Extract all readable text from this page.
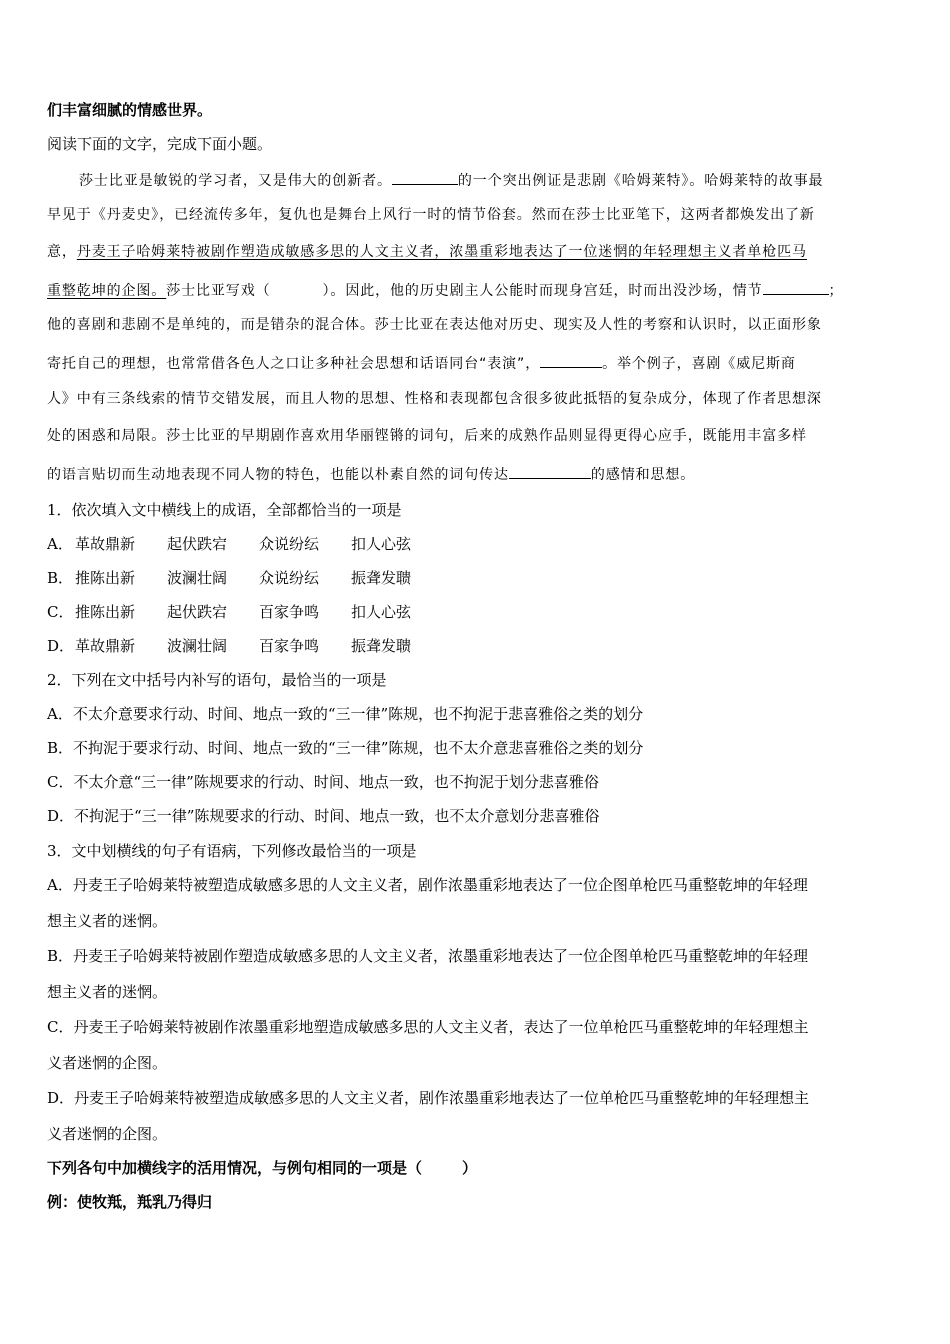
们丰富细腻的情感世界。
阅读下面的文字，完成下面小题。
莎士比亚是敏锐的学习者，又是伟大的创新者。	的一个突出例证是悲剧《哈姆莱特》。哈姆莱特的故事最
早见于《丹麦史》，已经流传多年，复仇也是舞台上风行一时的情节俗套。然而在莎士比亚笔下，这两者都焕发出了新
意，丹麦王子哈姆莱特被剧作塑造成敏感多思的人文主义者，浓墨重彩地表达了一位迷惘的年轻理想主义者单枪匹马
重整乾坤的企图。莎士比亚写戏（	）。因此，他的历史剧主人公能时而现身宫廷，时而出没沙场，情节	；
他的喜剧和悲剧不是单纯的，而是错杂的混合体。莎士比亚在表达他对历史、现实及人性的考察和认识时，以正面形象
寄托自己的理想，也常常借各色人之口让多种社会思想和话语同台“表演”，	。举个例子，喜剧《威尼斯商
人》中有三条线索的情节交错发展，而且人物的思想、性格和表现都包含很多彼此抵牾的复杂成分，体现了作者思想深
处的困惑和局限。莎士比亚的早期剧作喜欢用华丽铿锵的词句，后来的成熟作品则显得更得心应手，既能用丰富多样
的语言贴切而生动地表现不同人物的特色，也能以朴素自然的词句传达	的感情和思想。
1．依次填入文中横线上的成语，全部都恰当的一项是
A． 革故鼎新 起伏跌宕 众说纷纭 扣人心弦
B． 推陈出新 波澜壮阔 众说纷纭 振聋发聩
C． 推陈出新 起伏跌宕 百家争鸣 扣人心弦
D．革故鼎新 波澜壮阔 百家争鸣 振聋发聩
2．下列在文中括号内补写的语句，最恰当的一项是
A．不太介意要求行动、时间、地点一致的“三一律”陈规，也不拘泥于悲喜雅俗之类的划分
B．不拘泥于要求行动、时间、地点一致的“三一律”陈规，也不太介意悲喜雅俗之类的划分
C．不太介意“三一律”陈规要求的行动、时间、地点一致，也不拘泥于划分悲喜雅俗
D．不拘泥于“三一律”陈规要求的行动、时间、地点一致，也不太介意划分悲喜雅俗
3．文中划横线的句子有语病，下列修改最恰当的一项是
A．丹麦王子哈姆莱特被塑造成敏感多思的人文主义者，剧作浓墨重彩地表达了一位企图单枪匹马重整乾坤的年轻理
想主义者的迷惘。
B．丹麦王子哈姆莱特被剧作塑造成敏感多思的人文主义者，浓墨重彩地表达了一位企图单枪匹马重整乾坤的年轻理
想主义者的迷惘。
C．丹麦王子哈姆莱特被剧作浓墨重彩地塑造成敏感多思的人文主义者，表达了一位单枪匹马重整乾坤的年轻理想主
义者迷惘的企图。
D．丹麦王子哈姆莱特被塑造成敏感多思的人文主义者，剧作浓墨重彩地表达了一位单枪匹马重整乾坤的年轻理想主
义者迷惘的企图。
下列各句中加横线字的活用情况，与例句相同的一项是（	）
例：使牧羝，羝乳乃得归
